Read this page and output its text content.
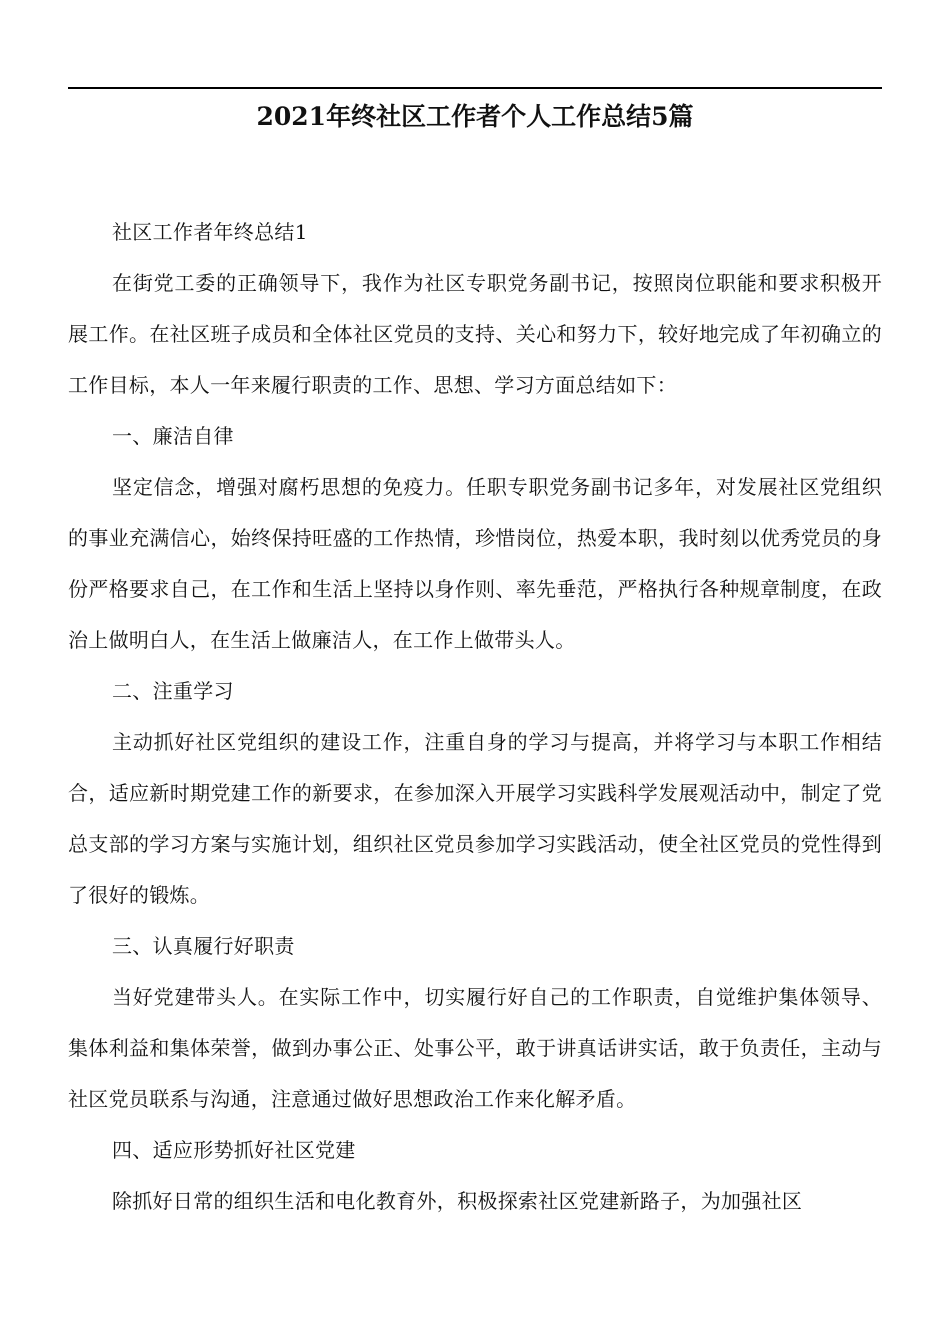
2021年终社区工作者个人工作总结5篇

社区工作者年终总结1

在街党工委的正确领导下，我作为社区专职党务副书记，按照岗位职能和要求积极开展工作。在社区班子成员和全体社区党员的支持、关心和努力下，较好地完成了年初确立的工作目标，本人一年来履行职责的工作、思想、学习方面总结如下：

一、廉洁自律

坚定信念，增强对腐朽思想的免疫力。任职专职党务副书记多年，对发展社区党组织的事业充满信心，始终保持旺盛的工作热情，珍惜岗位，热爱本职，我时刻以优秀党员的身份严格要求自己，在工作和生活上坚持以身作则、率先垂范，严格执行各种规章制度，在政治上做明白人，在生活上做廉洁人，在工作上做带头人。

二、注重学习

主动抓好社区党组织的建设工作，注重自身的学习与提高，并将学习与本职工作相结合，适应新时期党建工作的新要求，在参加深入开展学习实践科学发展观活动中，制定了党总支部的学习方案与实施计划，组织社区党员参加学习实践活动，使全社区党员的党性得到了很好的锻炼。

三、认真履行好职责

当好党建带头人。在实际工作中，切实履行好自己的工作职责，自觉维护集体领导、集体利益和集体荣誉，做到办事公正、处事公平，敢于讲真话讲实话，敢于负责任，主动与社区党员联系与沟通，注意通过做好思想政治工作来化解矛盾。

四、适应形势抓好社区党建

除抓好日常的组织生活和电化教育外，积极探索社区党建新路子，为加强社区
